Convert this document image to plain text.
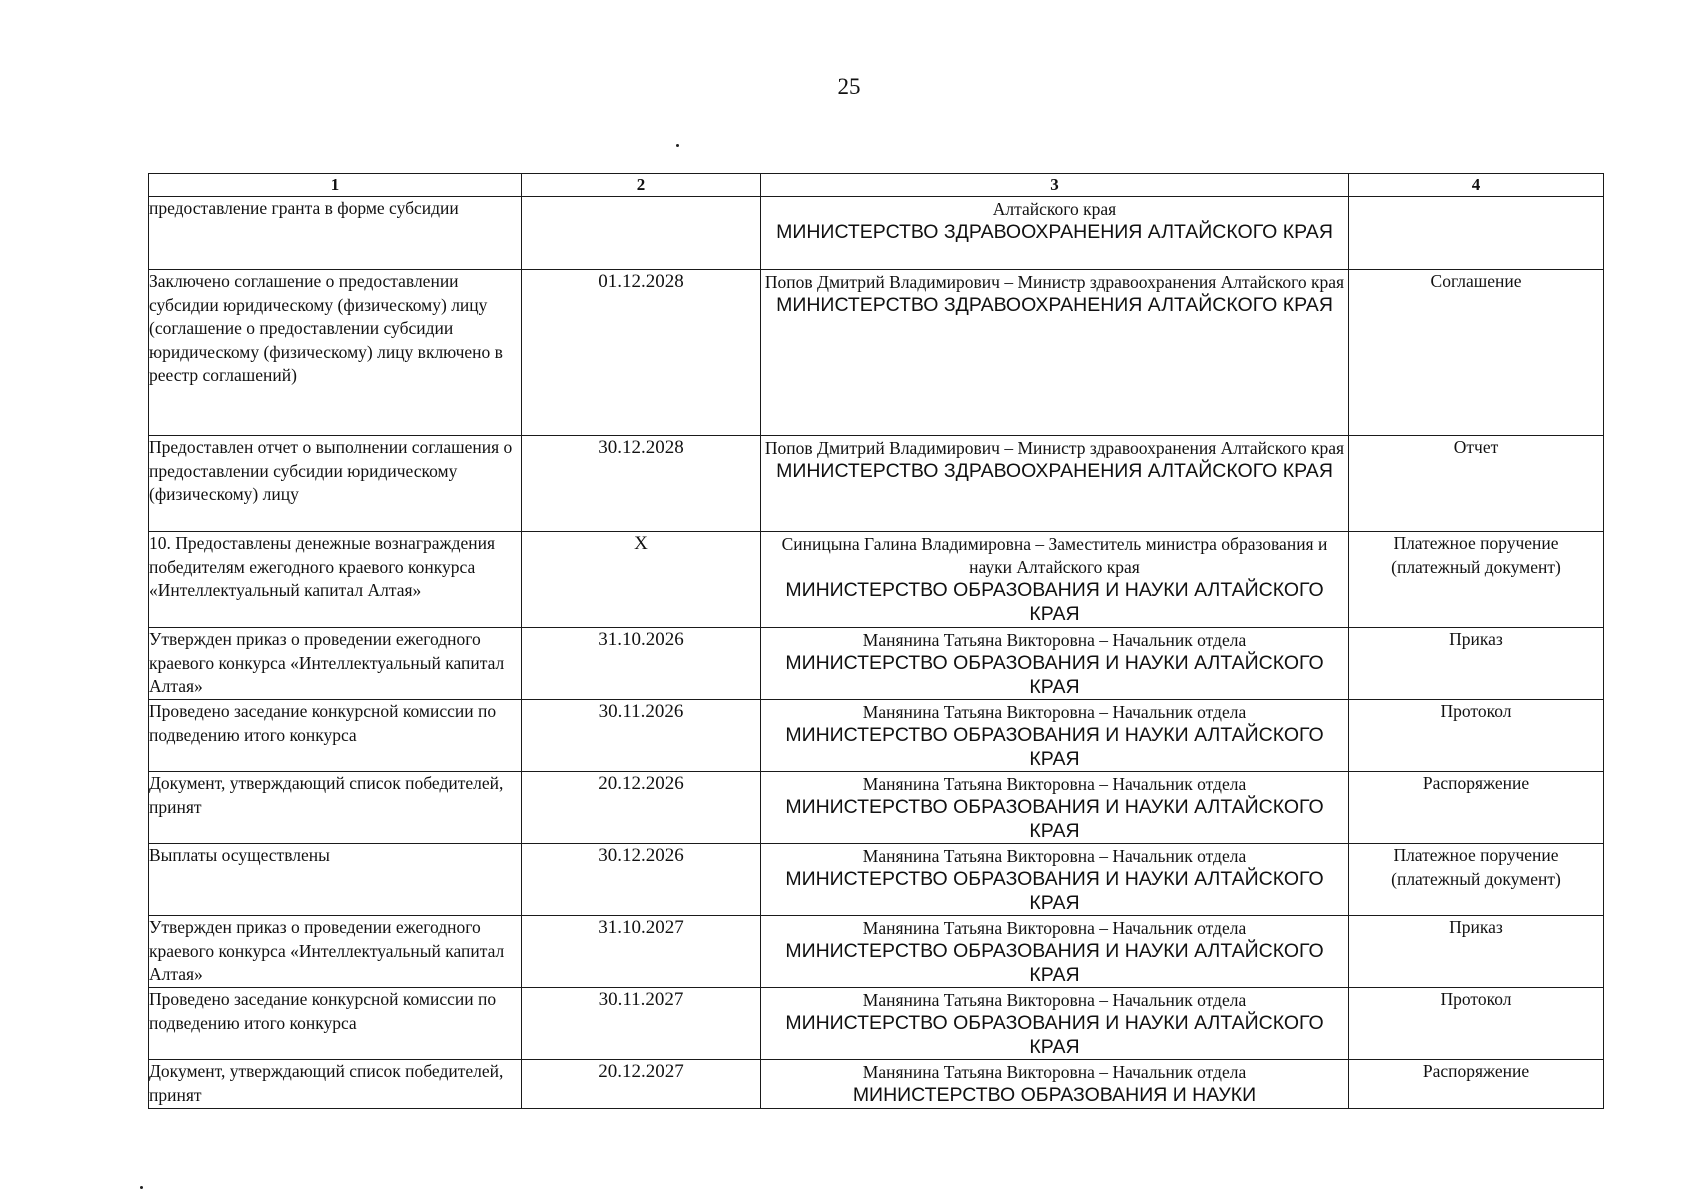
25
1	2	3	4
предоставление гранта в форме субсидии		Алтайского края
МИНИСТЕРСТВО ЗДРАВООХРАНЕНИЯ АЛТАЙСКОГО КРАЯ	

Заключено соглашение о предоставлении субсидии юридическому (физическому) лицу (соглашение о предоставлении субсидии юридическому (физическому) лицу включено в реестр соглашений)	01.12.2028	Попов Дмитрий Владимирович – Министр здравоохранения Алтайского края
МИНИСТЕРСТВО ЗДРАВООХРАНЕНИЯ АЛТАЙСКОГО КРАЯ	Соглашение
Предоставлен отчет о выполнении соглашения о предоставлении субсидии юридическому (физическому) лицу	30.12.2028	Попов Дмитрий Владимирович – Министр здравоохранения Алтайского края
МИНИСТЕРСТВО ЗДРАВООХРАНЕНИЯ АЛТАЙСКОГО КРАЯ	Отчет
10. Предоставлены денежные вознаграждения победителям ежегодного краевого конкурса «Интеллектуальный капитал Алтая»	X	Синицына Галина Владимировна – Заместитель министра образования и науки Алтайского края
МИНИСТЕРСТВО ОБРАЗОВАНИЯ И НАУКИ АЛТАЙСКОГО КРАЯ	Платежное поручение (платежный документ)
Утвержден приказ о проведении ежегодного краевого конкурса «Интеллектуальный капитал Алтая»	31.10.2026	Манянина Татьяна Викторовна – Начальник отдела
МИНИСТЕРСТВО ОБРАЗОВАНИЯ И НАУКИ АЛТАЙСКОГО КРАЯ	Приказ
Проведено заседание конкурсной комиссии по подведению итого конкурса	30.11.2026	Манянина Татьяна Викторовна – Начальник отдела
МИНИСТЕРСТВО ОБРАЗОВАНИЯ И НАУКИ АЛТАЙСКОГО КРАЯ	Протокол
Документ, утверждающий список победителей, принят	20.12.2026	Манянина Татьяна Викторовна – Начальник отдела
МИНИСТЕРСТВО ОБРАЗОВАНИЯ И НАУКИ АЛТАЙСКОГО КРАЯ	Распоряжение
Выплаты осуществлены	30.12.2026	Манянина Татьяна Викторовна – Начальник отдела
МИНИСТЕРСТВО ОБРАЗОВАНИЯ И НАУКИ АЛТАЙСКОГО КРАЯ	Платежное поручение (платежный документ)
Утвержден приказ о проведении ежегодного краевого конкурса «Интеллектуальный капитал Алтая»	31.10.2027	Манянина Татьяна Викторовна – Начальник отдела
МИНИСТЕРСТВО ОБРАЗОВАНИЯ И НАУКИ АЛТАЙСКОГО КРАЯ	Приказ
Проведено заседание конкурсной комиссии по подведению итого конкурса	30.11.2027	Манянина Татьяна Викторовна – Начальник отдела
МИНИСТЕРСТВО ОБРАЗОВАНИЯ И НАУКИ АЛТАЙСКОГО КРАЯ	Протокол
Документ, утверждающий список победителей, принят	20.12.2027	Манянина Татьяна Викторовна – Начальник отдела
МИНИСТЕРСТВО ОБРАЗОВАНИЯ И НАУКИ	Распоряжение
